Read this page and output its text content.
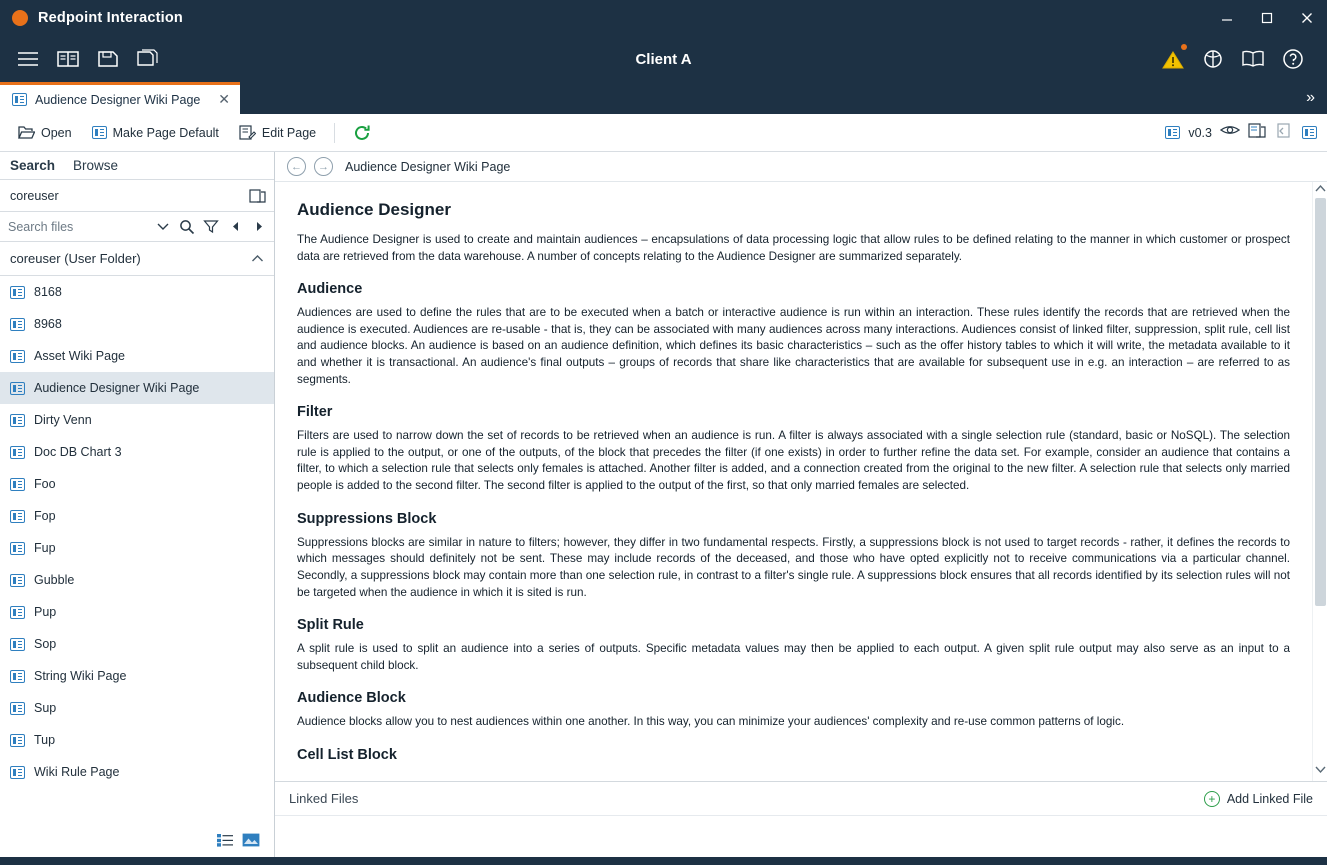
Redpoint Interaction
Client A
Audience Designer Wiki Page ✕	»
Open	Make Page Default	Edit Page	v0.3
Search Browse
coreuser
Search files
coreuser (User Folder)
8168
8968
Asset Wiki Page
Audience Designer Wiki Page
Dirty Venn
Doc DB Chart 3
Foo
Fop
Fup
Gubble
Pup
Sop
String Wiki Page
Sup
Tup
Wiki Rule Page
←	→	Audience Designer Wiki Page
Audience Designer

The Audience Designer is used to create and maintain audiences – encapsulations of data processing logic that allow rules to be defined relating to the manner in which customer or prospect data are retrieved from the data warehouse. A number of concepts relating to the Audience Designer are summarized separately.

Audience

Audiences are used to define the rules that are to be executed when a batch or interactive audience is run within an interaction. These rules identify the records that are retrieved when the audience is executed. Audiences are re-usable - that is, they can be associated with many audiences across many interactions. Audiences consist of linked filter, suppression, split rule, cell list and audience blocks. An audience is based on an audience definition, which defines its basic characteristics – such as the offer history tables to which it will write, the metadata available to it and whether it is transactional. An audience's final outputs – groups of records that share like characteristics that are available for subsequent use in e.g. an interaction – are referred to as segments.

Filter

Filters are used to narrow down the set of records to be retrieved when an audience is run. A filter is always associated with a single selection rule (standard, basic or NoSQL). The selection rule is applied to the output, or one of the outputs, of the block that precedes the filter (if one exists) in order to further refine the data set. For example, consider an audience that contains a filter, to which a selection rule that selects only females is attached. Another filter is added, and a connection created from the original to the new filter. A selection rule that selects only married people is added to the second filter. The second filter is applied to the output of the first, so that only married females are selected.

Suppressions Block

Suppressions blocks are similar in nature to filters; however, they differ in two fundamental respects. Firstly, a suppressions block is not used to target records - rather, it defines the records to which messages should definitely not be sent. These may include records of the deceased, and those who have opted explicitly not to receive communications via a particular channel. Secondly, a suppressions block may contain more than one selection rule, in contrast to a filter's single rule. A suppressions block ensures that all records identified by its selection rules will not be targeted when the audience in which it is sited is run.

Split Rule

A split rule is used to split an audience into a series of outputs. Specific metadata values may then be applied to each output. A given split rule output may also serve as an input to a subsequent child block.

Audience Block

Audience blocks allow you to nest audiences within one another. In this way, you can minimize your audiences' complexity and re-use common patterns of logic.

Cell List Block
Linked Files	+ Add Linked File
